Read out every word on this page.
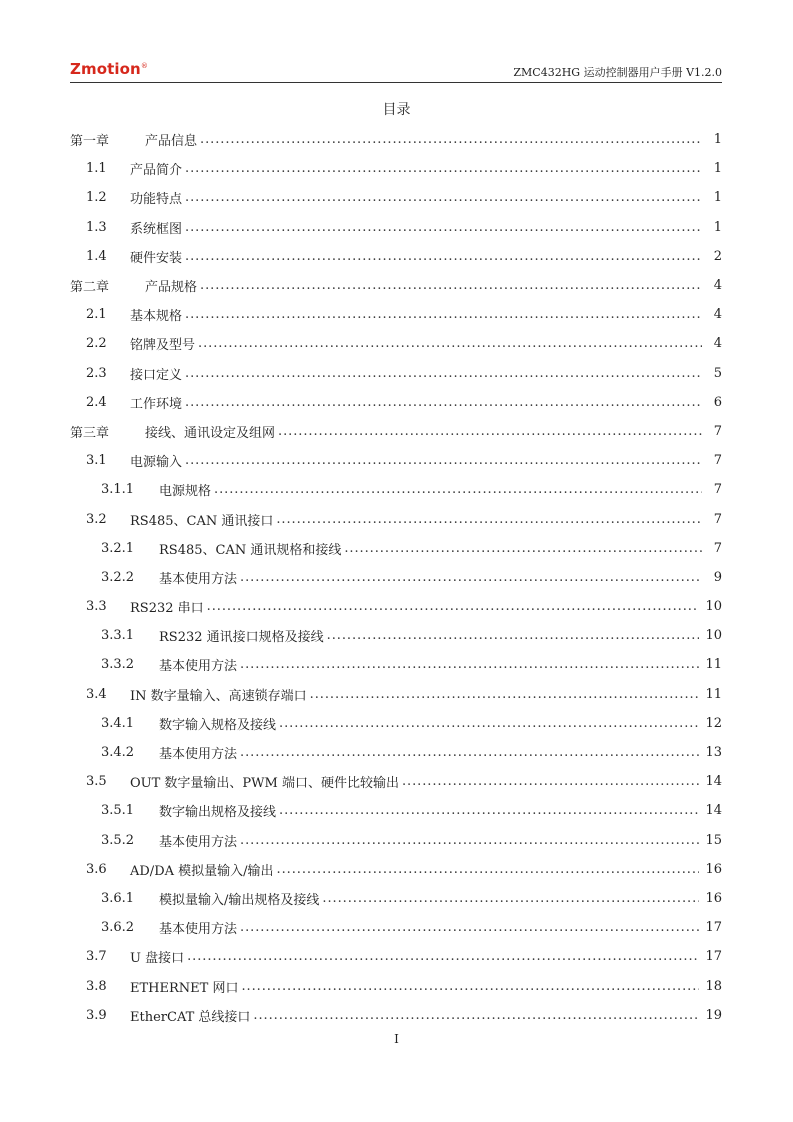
Zmotion®	ZMC432HG 运动控制器用户手册 V1.2.0
目录
第一章	产品信息 . . .	1
1.1	产品简介 . . .	1
1.2	功能特点 . . .	1
1.3	系统框图 . . .	1
1.4	硬件安装 . . .	2
第二章	产品规格 . . .	4
2.1	基本规格 . . .	4
2.2	铭牌及型号 . . .	4
2.3	接口定义 . . .	5
2.4	工作环境 . . .	6
第三章	接线、通讯设定及组网 . . .	7
3.1	电源输入 . . .	7
3.1.1	电源规格 . . .	7
3.2	RS485、CAN 通讯接口 . . .	7
3.2.1	RS485、CAN 通讯规格和接线 . . .	7
3.2.2	基本使用方法 . . .	9
3.3	RS232 串口 . . .	10
3.3.1	RS232 通讯接口规格及接线 . . .	10
3.3.2	基本使用方法 . . .	11
3.4	IN 数字量输入、高速锁存端口 . . .	11
3.4.1	数字输入规格及接线 . . .	12
3.4.2	基本使用方法 . . .	13
3.5	OUT 数字量输出、PWM 端口、硬件比较输出 . . .	14
3.5.1	数字输出规格及接线 . . .	14
3.5.2	基本使用方法 . . .	15
3.6	AD/DA 模拟量输入/输出 . . .	16
3.6.1	模拟量输入/输出规格及接线 . . .	16
3.6.2	基本使用方法 . . .	17
3.7	U 盘接口 . . .	17
3.8	ETHERNET 网口 . . .	18
3.9	EtherCAT 总线接口 . . .	19
I
